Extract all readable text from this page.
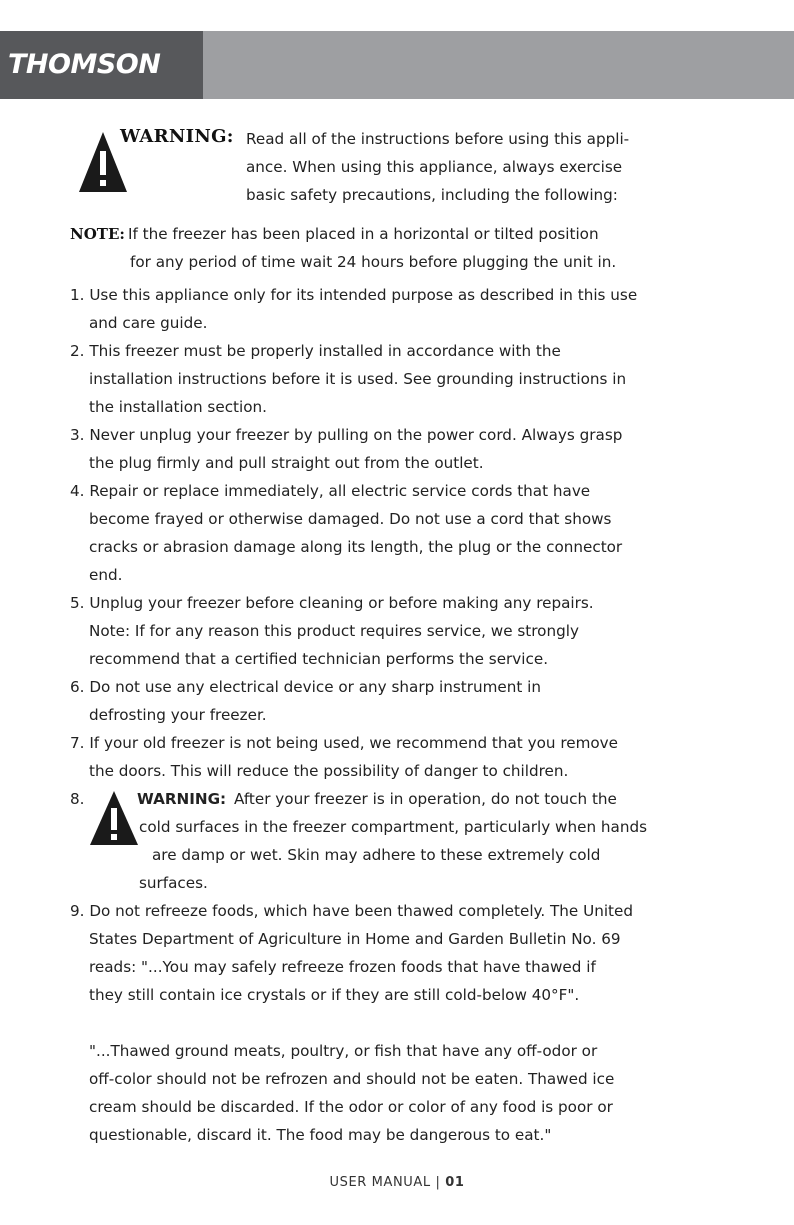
THOMSON
WARNING: Read all of the instructions before using this appli-
ance. When using this appliance, always exercise
basic safety precautions, including the following:
NOTE: If the freezer has been placed in a horizontal or tilted position
for any period of time wait 24 hours before plugging the unit in.
1. Use this appliance only for its intended purpose as described in this use
and care guide.
2. This freezer must be properly installed in accordance with the
installation instructions before it is used. See grounding instructions in
the installation section.
3. Never unplug your freezer by pulling on the power cord. Always grasp
the plug firmly and pull straight out from the outlet.
4. Repair or replace immediately, all electric service cords that have
become frayed or otherwise damaged. Do not use a cord that shows
cracks or abrasion damage along its length, the plug or the connector
end.
5. Unplug your freezer before cleaning or before making any repairs.
Note: If for any reason this product requires service, we strongly
recommend that a certified technician performs the service.
6. Do not use any electrical device or any sharp instrument in
defrosting your freezer.
7. If your old freezer is not being used, we recommend that you remove
the doors. This will reduce the possibility of danger to children.
8.	WARNING: After your freezer is in operation, do not touch the
cold surfaces in the freezer compartment, particularly when hands
are damp or wet. Skin may adhere to these extremely cold
surfaces.
9. Do not refreeze foods, which have been thawed completely. The United
States Department of Agriculture in Home and Garden Bulletin No. 69
reads: "...You may safely refreeze frozen foods that have thawed if
they still contain ice crystals or if they are still cold-below 40°F".
"...Thawed ground meats, poultry, or fish that have any off-odor or
off-color should not be refrozen and should not be eaten. Thawed ice
cream should be discarded. If the odor or color of any food is poor or
questionable, discard it. The food may be dangerous to eat."
USER MANUAL | 01
